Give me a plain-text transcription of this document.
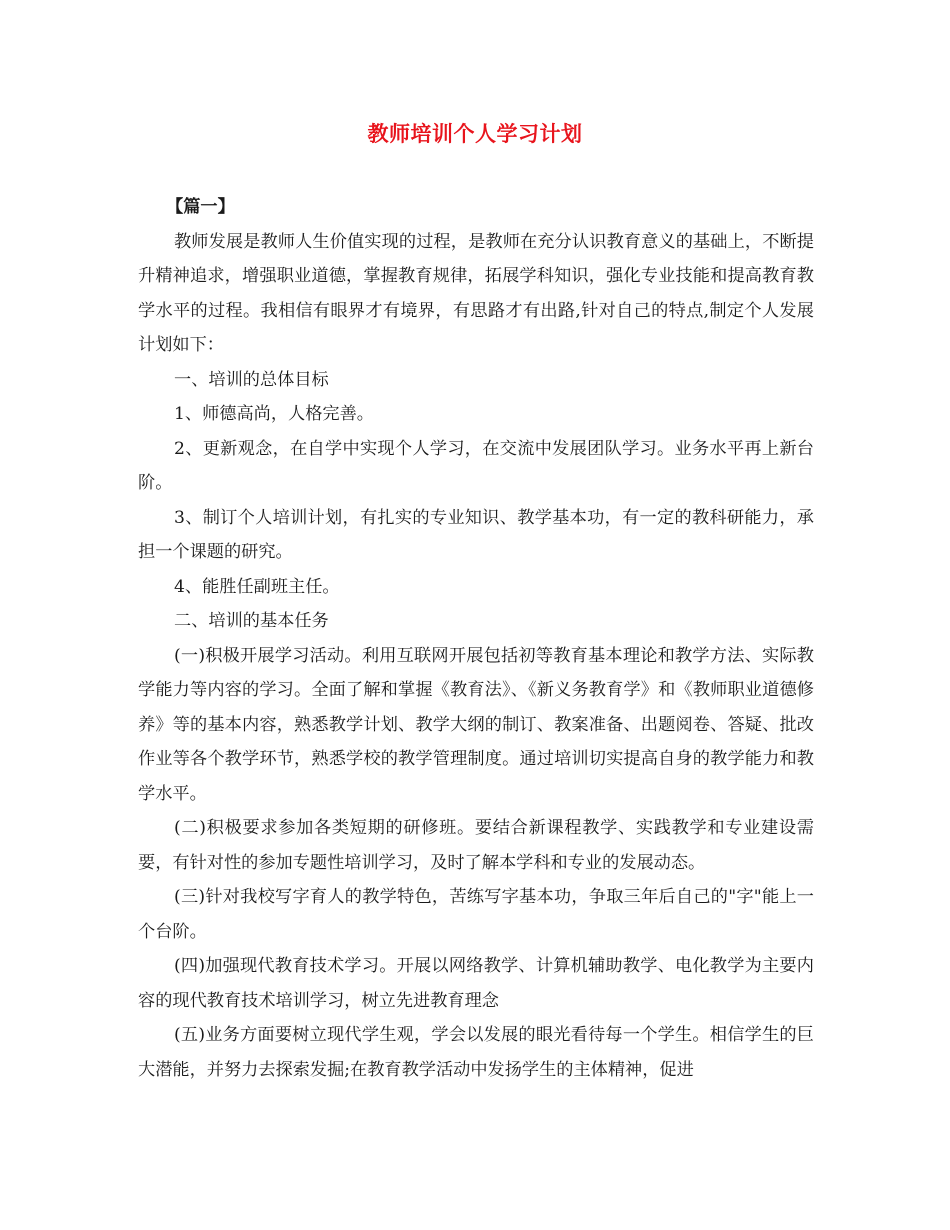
教师培训个人学习计划

【篇一】

教师发展是教师人生价值实现的过程，是教师在充分认识教育意义的基础上，不断提升精神追求，增强职业道德，掌握教育规律，拓展学科知识，强化专业技能和提高教育教学水平的过程。我相信有眼界才有境界，有思路才有出路,针对自己的特点,制定个人发展计划如下：

一、培训的总体目标

1、师德高尚，人格完善。

2、更新观念，在自学中实现个人学习，在交流中发展团队学习。业务水平再上新台阶。

3、制订个人培训计划，有扎实的专业知识、教学基本功，有一定的教科研能力，承担一个课题的研究。

4、能胜任副班主任。

二、培训的基本任务

(一)积极开展学习活动。利用互联网开展包括初等教育基本理论和教学方法、实际教学能力等内容的学习。全面了解和掌握《教育法》、《新义务教育学》和《教师职业道德修养》等的基本内容，熟悉教学计划、教学大纲的制订、教案准备、出题阅卷、答疑、批改作业等各个教学环节，熟悉学校的教学管理制度。通过培训切实提高自身的教学能力和教学水平。

(二)积极要求参加各类短期的研修班。要结合新课程教学、实践教学和专业建设需要，有针对性的参加专题性培训学习，及时了解本学科和专业的发展动态。

(三)针对我校写字育人的教学特色，苦练写字基本功，争取三年后自己的"字"能上一个台阶。

(四)加强现代教育技术学习。开展以网络教学、计算机辅助教学、电化教学为主要内容的现代教育技术培训学习，树立先进教育理念

(五)业务方面要树立现代学生观，学会以发展的眼光看待每一个学生。相信学生的巨大潜能，并努力去探索发掘;在教育教学活动中发扬学生的主体精神，促进
